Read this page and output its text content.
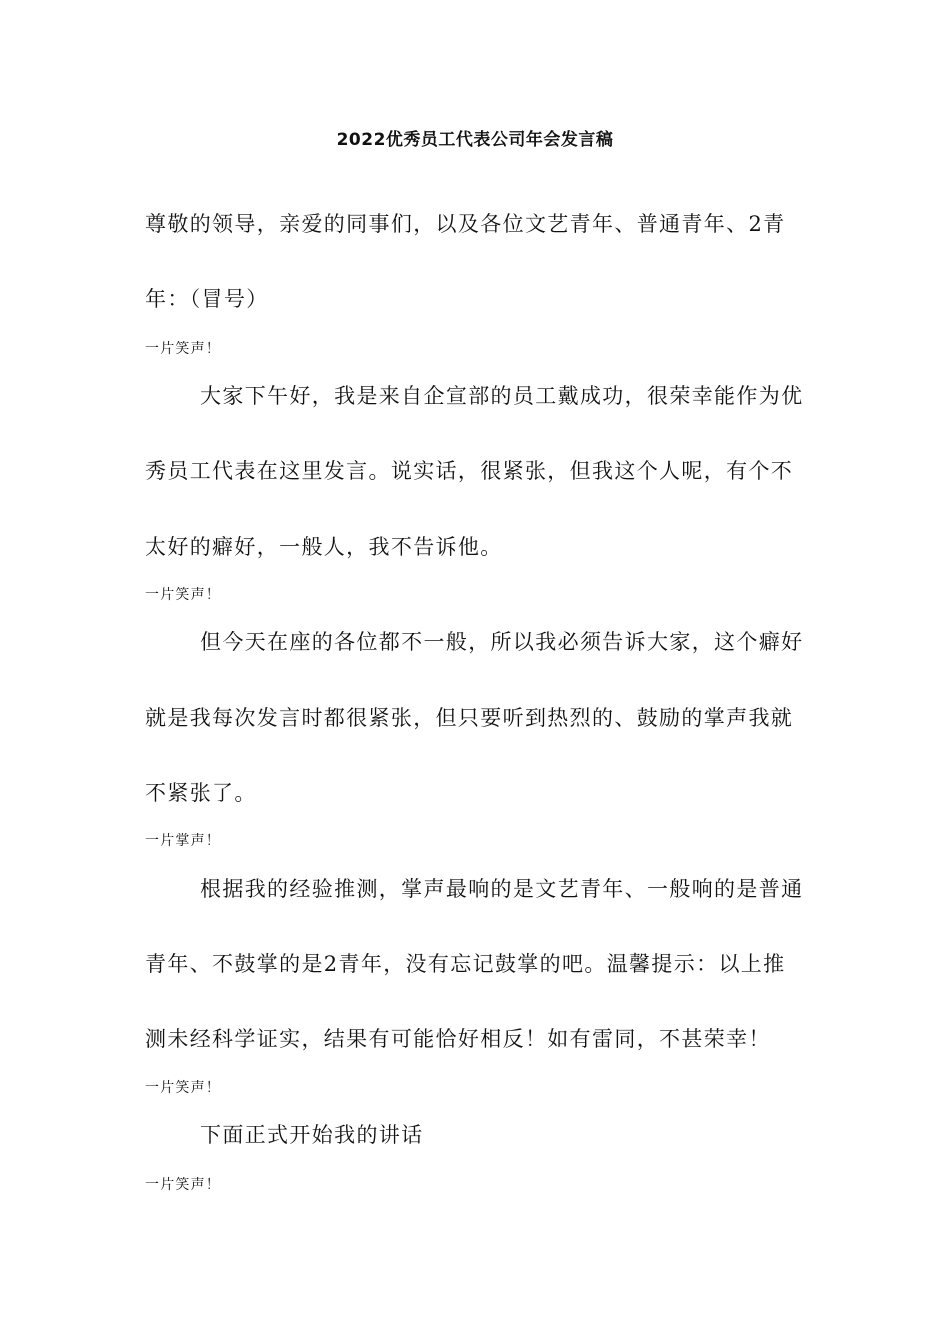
2022优秀员工代表公司年会发言稿
尊敬的领导，亲爱的同事们，以及各位文艺青年、普通青年、2青
年：（冒号）
一片笑声！
大家下午好，我是来自企宣部的员工戴成功，很荣幸能作为优
秀员工代表在这里发言。说实话，很紧张，但我这个人呢，有个不
太好的癖好，一般人，我不告诉他。
一片笑声！
但今天在座的各位都不一般，所以我必须告诉大家，这个癖好
就是我每次发言时都很紧张，但只要听到热烈的、鼓励的掌声我就
不紧张了。
一片掌声！
根据我的经验推测，掌声最响的是文艺青年、一般响的是普通
青年、不鼓掌的是2青年，没有忘记鼓掌的吧。温馨提示：以上推
测未经科学证实，结果有可能恰好相反！如有雷同，不甚荣幸！
一片笑声！
下面正式开始我的讲话
一片笑声！
